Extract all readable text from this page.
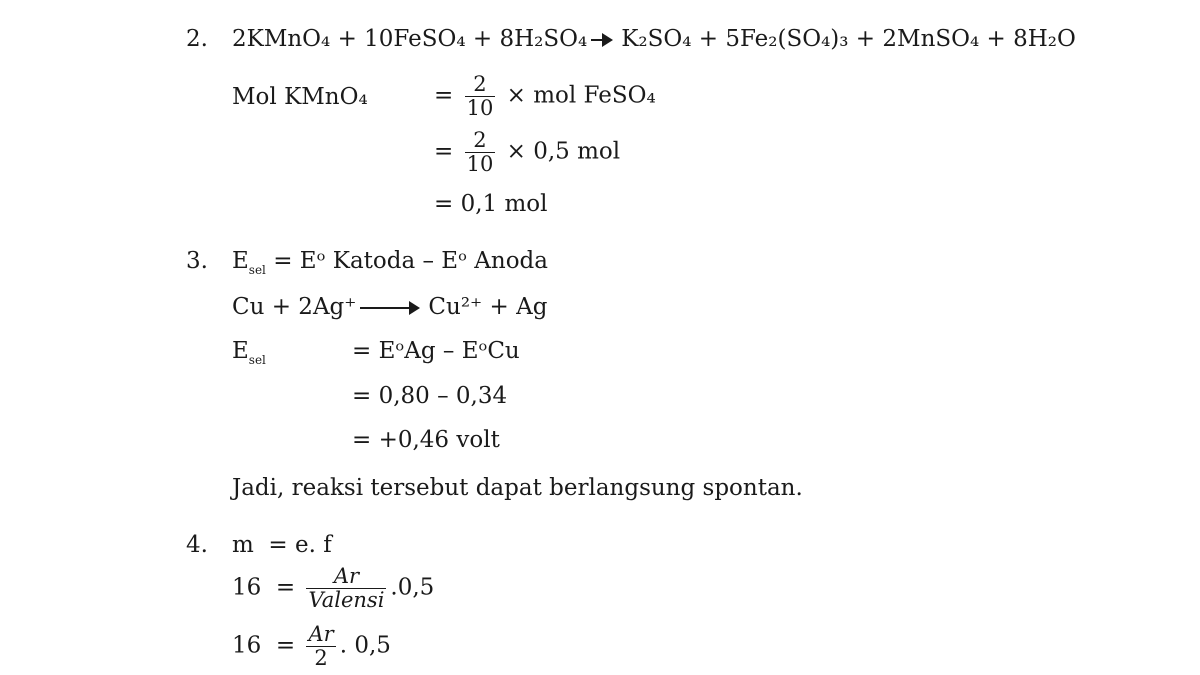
2. 2KMnO₄ + 10FeSO₄ + 8H₂SO₄ K₂SO₄ + 5Fe₂(SO₄)₃ + 2MnSO₄ + 8H₂O
Mol KMnO₄	= $\frac{2}{10}$ × mol FeSO₄
= $\frac{2}{10} \times 0,5$ mol
= 0,1 mol
3. $E_{sel}$ = Eᵒ Katoda – Eᵒ Anoda
Cu + 2Ag⁺ → Cu²⁺ + Ag
$E_{sel}$	= EᵒAg – EᵒCu
= 0,80 – 0,34
= +0,46 volt
Jadi, reaksi tersebut dapat berlangsung spontan.
4. m  = e. f
$16 = \frac{Ar}{\text{Valensi}} .0,5$
$16 = \frac{Ar}{2}$ . 0,5
